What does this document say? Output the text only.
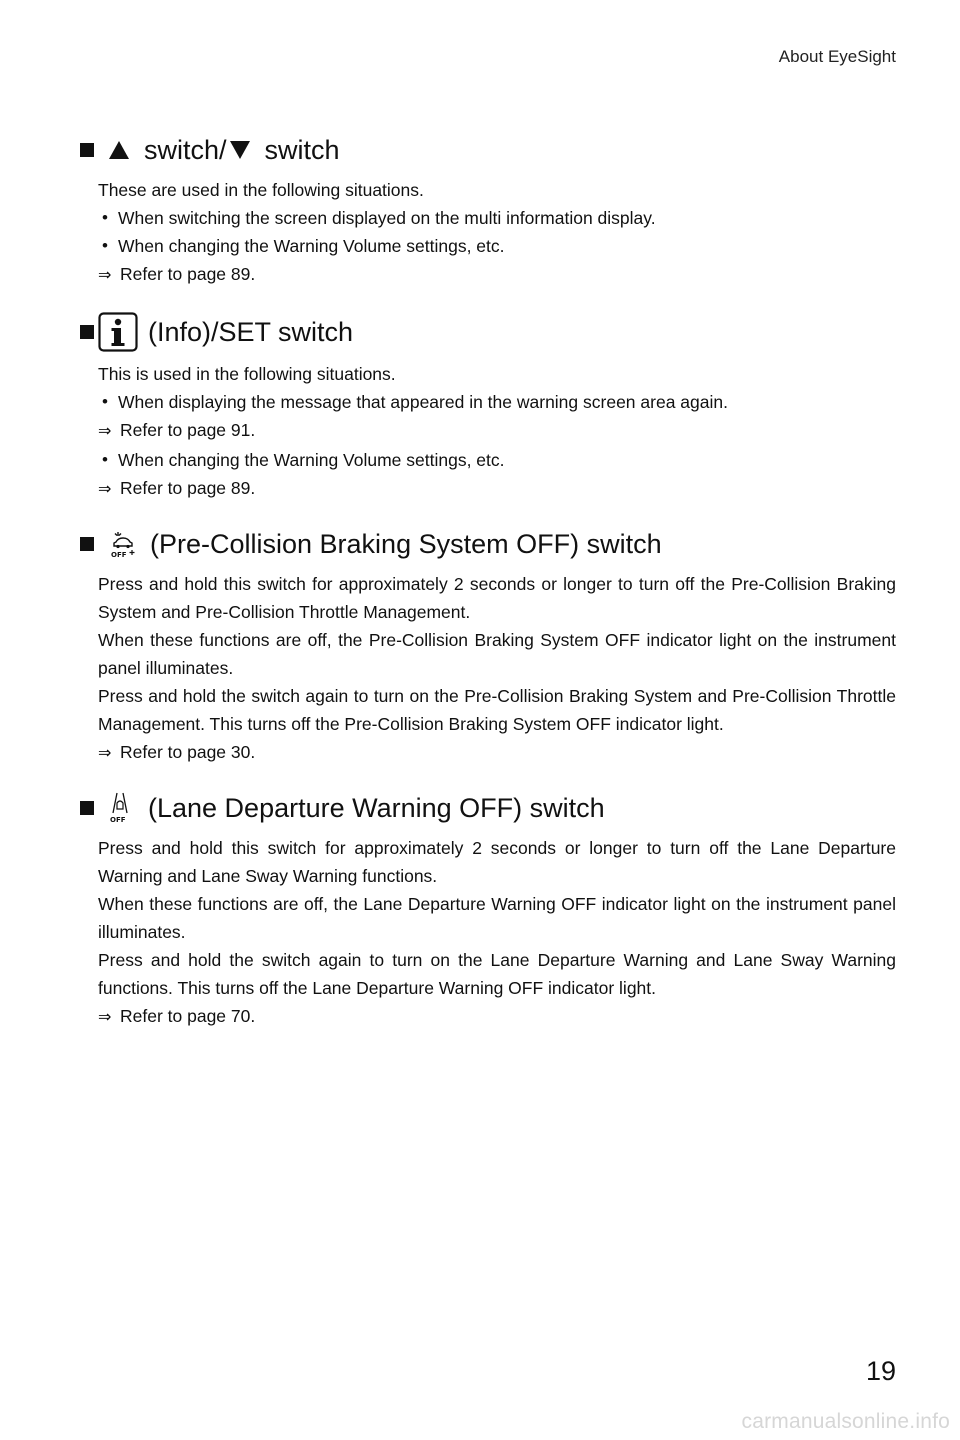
About EyeSight
switch/ switch

These are used in the following situations.

• When switching the screen displayed on the multi information display.
• When changing the Warning Volume settings, etc.

⇒ Refer to page 89.

(Info)/SET switch

This is used in the following situations.

• When displaying the message that appeared in the warning screen area again.

⇒ Refer to page 91.

• When changing the Warning Volume settings, etc.

⇒ Refer to page 89.

OFF (Pre-Collision Braking System OFF) switch

Press and hold this switch for approximately 2 seconds or longer to turn off the Pre-Collision Braking System and Pre-Collision Throttle Management.

When these functions are off, the Pre-Collision Braking System OFF indicator light on the instrument panel illuminates.

Press and hold the switch again to turn on the Pre-Collision Braking System and Pre-Collision Throttle Management. This turns off the Pre-Collision Braking System OFF indicator light.

⇒ Refer to page 30.

OFF (Lane Departure Warning OFF) switch

Press and hold this switch for approximately 2 seconds or longer to turn off the Lane Departure Warning and Lane Sway Warning functions.

When these functions are off, the Lane Departure Warning OFF indicator light on the instrument panel illuminates.

Press and hold the switch again to turn on the Lane Departure Warning and Lane Sway Warning functions. This turns off the Lane Departure Warning OFF indicator light.

⇒ Refer to page 70.

19
carmanualsonline.info
